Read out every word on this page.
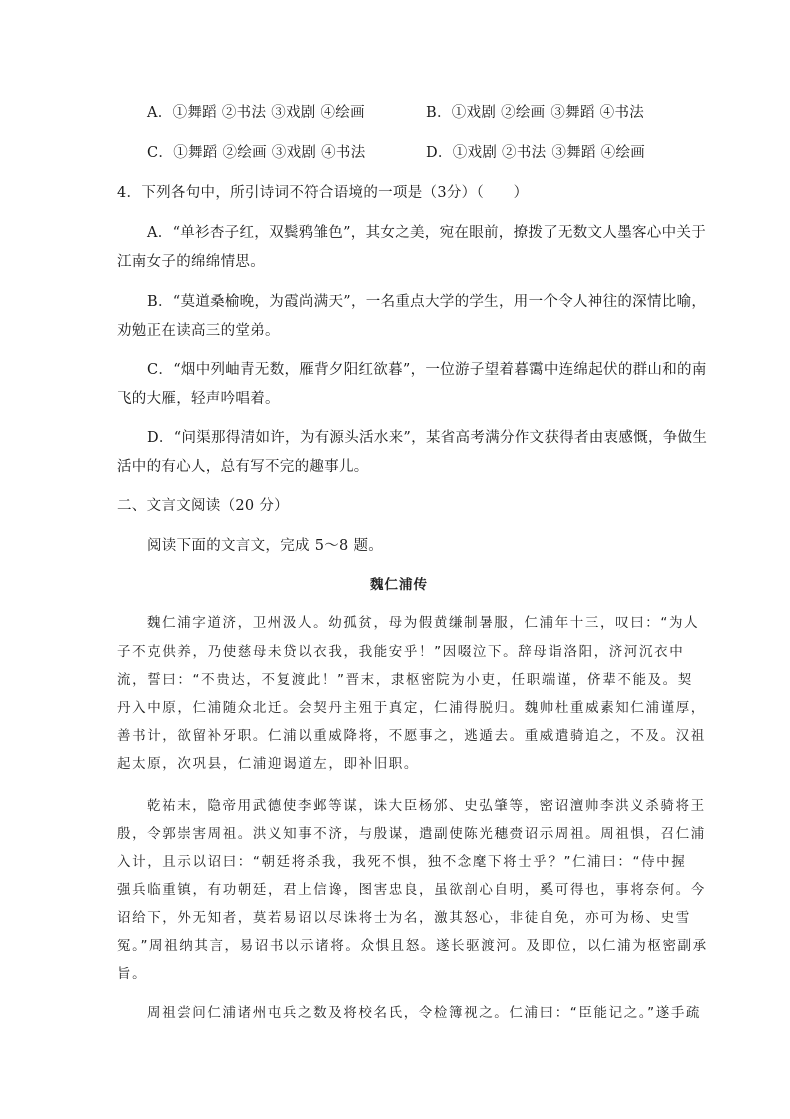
A．①舞蹈 ②书法 ③戏剧 ④绘画	B．①戏剧 ②绘画 ③舞蹈 ④书法
C．①舞蹈 ②绘画 ③戏剧 ④书法	D．①戏剧 ②书法 ③舞蹈 ④绘画
4．下列各句中，所引诗词不符合语境的一项是（3分）（　　）
A．“单衫杏子红，双鬓鸦雏色”，其女之美，宛在眼前，撩拨了无数文人墨客心中关于
江南女子的绵绵情思。
B．“莫道桑榆晚，为霞尚满天”，一名重点大学的学生，用一个令人神往的深情比喻，
劝勉正在读高三的堂弟。
C．“烟中列岫青无数，雁背夕阳红欲暮”，一位游子望着暮霭中连绵起伏的群山和的南
飞的大雁，轻声吟唱着。
D．“问渠那得清如许，为有源头活水来”，某省高考满分作文获得者由衷感慨，争做生
活中的有心人，总有写不完的趣事儿。
二、文言文阅读（20 分）
阅读下面的文言文，完成 5～8 题。
魏仁浦传
魏仁浦字道济，卫州汲人。幼孤贫，母为假黄缣制暑服，仁浦年十三，叹曰：“为人
子不克供养，乃使慈母未贷以衣我，我能安乎！”因啜泣下。辞母诣洛阳，济河沉衣中
流，誓曰：“不贵达，不复渡此！”晋末，隶枢密院为小吏，任职端谨，侪辈不能及。契
丹入中原，仁浦随众北迁。会契丹主殂于真定，仁浦得脱归。魏帅杜重威素知仁浦谨厚，
善书计，欲留补牙职。仁浦以重威降将，不愿事之，逃遁去。重威遣骑追之，不及。汉祖
起太原，次巩县，仁浦迎谒道左，即补旧职。
乾祐末，隐帝用武德使李邺等谋，诛大臣杨邠、史弘肇等，密诏澶帅李洪义杀骑将王
殷，令郭崇害周祖。洪义知事不济，与殷谋，遣副使陈光穗赍诏示周祖。周祖惧，召仁浦
入计，且示以诏曰：“朝廷将杀我，我死不惧，独不念麾下将士乎？”仁浦曰：“侍中握
强兵临重镇，有功朝廷，君上信谗，图害忠良，虽欲剖心自明，奚可得也，事将奈何。今
诏给下，外无知者，莫若易诏以尽诛将士为名，激其怒心，非徒自免，亦可为杨、史雪
冤。”周祖纳其言，易诏书以示诸将。众惧且怒。遂长驱渡河。及即位，以仁浦为枢密副承
旨。
周祖尝问仁浦诸州屯兵之数及将校名氏，令检簿视之。仁浦曰：“臣能记之。”遂手疏
